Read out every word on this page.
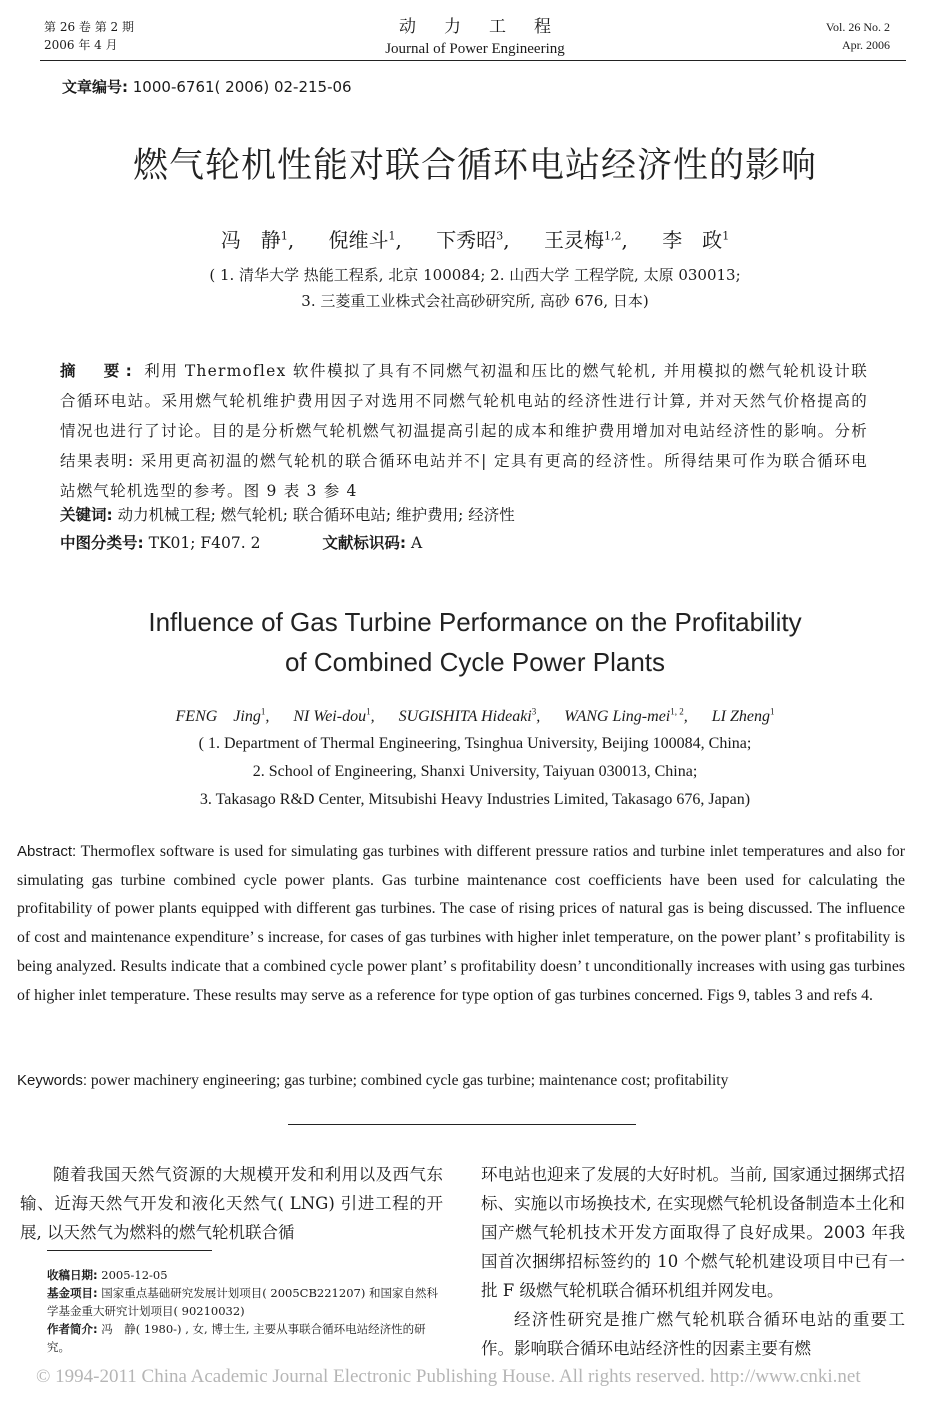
第 26 卷 第 2 期
2006 年 4 月
动力工程
Journal of Power Engineering
Vol. 26 No. 2
Apr. 2006
文章编号: 1000-6761( 2006) 02-215-06
燃气轮机性能对联合循环电站经济性的影响
冯　静$^1$, 倪维斗$^1$, 下秀昭$^3$, 王灵梅$^{1,2}$, 李　政$^1$
( 1. 清华大学 热能工程系, 北京 100084; 2. 山西大学 工程学院, 太原 030013;
3. 三菱重工业株式会社高砂研究所, 高砂 676, 日本)
摘　要: 利用 Thermoflex 软件模拟了具有不同燃气初温和压比的燃气轮机, 并用模拟的燃气轮机设计联合循环电站。采用燃气轮机维护费用因子对选用不同燃气轮机电站的经济性进行计算, 并对天然气价格提高的情况也进行了讨论。目的是分析燃气轮机燃气初温提高引起的成本和维护费用增加对电站经济性的影响。分析结果表明: 采用更高初温的燃气轮机的联合循环电站并不| 定具有更高的经济性。所得结果可作为联合循环电站燃气轮机选型的参考。图 9 表 3 参 4
关键词: 动力机械工程; 燃气轮机; 联合循环电站; 维护费用; 经济性
中图分类号: TK01; F407. 2	文献标识码: A
Influence of Gas Turbine Performance on the Profitability
of Combined Cycle Power Plants
FENG　Jing$^1$, NI Wei-dou$^1$, SUGISHITA Hideaki$^3$, WANG Ling-mei$^{1, 2}$, LI Zheng$^1$
( 1. Department of Thermal Engineering, Tsinghua University, Beijing 100084, China;
2. School of Engineering, Shanxi University, Taiyuan 030013, China;
3. Takasago R&D Center, Mitsubishi Heavy Industries Limited, Takasago 676, Japan)
Abstract: Thermoflex software is used for simulating gas turbines with different pressure ratios and turbine inlet temperatures and also for simulating gas turbine combined cycle power plants. Gas turbine maintenance cost coefficients have been used for calculating the profitability of power plants equipped with different gas turbines. The case of rising prices of natural gas is being discussed. The influence of cost and maintenance expenditure’ s increase, for cases of gas turbines with higher inlet temperature, on the power plant’ s profitability is being analyzed. Results indicate that a combined cycle power plant’ s profitability doesn’ t unconditionally increases with using gas turbines of higher inlet temperature. These results may serve as a reference for type option of gas turbines concerned. Figs 9, tables 3 and refs 4.
Keywords: power machinery engineering; gas turbine; combined cycle gas turbine; maintenance cost; profitability

随着我国天然气资源的大规模开发和利用以及西气东输、近海天然气开发和液化天然气( LNG) 引进工程的开展, 以天然气为燃料的燃气轮机联合循

环电站也迎来了发展的大好时机。当前, 国家通过捆绑式招标、实施以市场换技术, 在实现燃气轮机设备制造本土化和国产燃气轮机技术开发方面取得了良好成果。2003 年我国首次捆绑招标签约的 10 个燃气轮机建设项目中已有一批 F 级燃气轮机联合循环机组并网发电。

经济性研究是推广燃气轮机联合循环电站的重要工作。影响联合循环电站经济性的因素主要有燃

收稿日期: 2005-12-05
基金项目: 国家重点基础研究发展计划项目( 2005CB221207) 和国家自然科学基金重大研究计划项目( 90210032)
作者简介: 冯　静( 1980-) , 女, 博士生, 主要从事联合循环电站经济性的研究。
© 1994-2011 China Academic Journal Electronic Publishing House. All rights reserved. http://www.cnki.net
